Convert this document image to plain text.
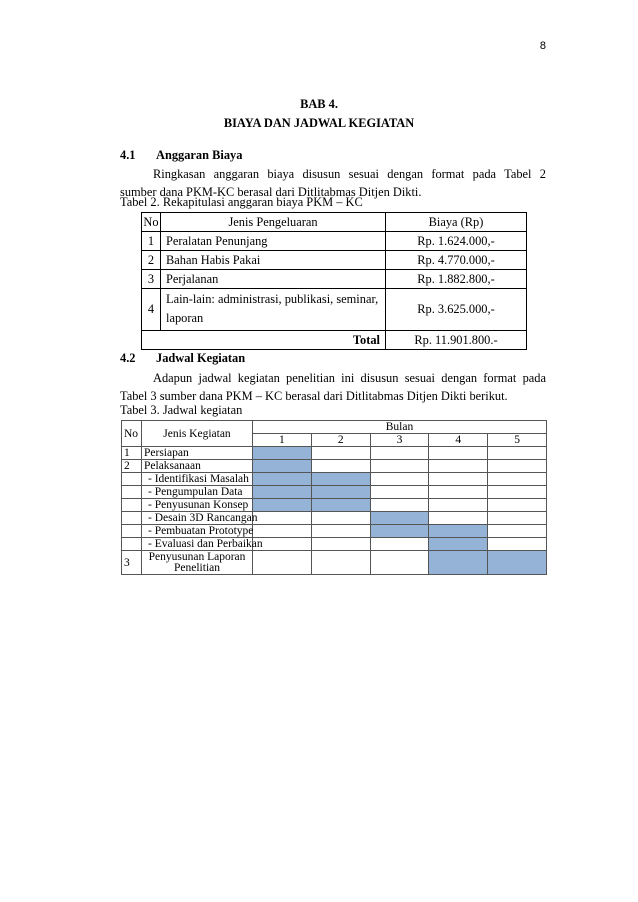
8
BAB 4.
BIAYA DAN JADWAL KEGIATAN
4.1 Anggaran Biaya
Ringkasan anggaran biaya disusun sesuai dengan format pada Tabel 2
sumber dana PKM-KC berasal dari Ditlitabmas Ditjen Dikti.
Tabel 2. Rekapitulasi anggaran biaya PKM – KC
No	Jenis Pengeluaran	Biaya (Rp)
1	Peralatan Penunjang	Rp. 1.624.000,-
2	Bahan Habis Pakai	Rp. 4.770.000,-
3	Perjalanan	Rp. 1.882.800,-
4	Lain-lain: administrasi, publikasi, seminar,
laporan	Rp. 3.625.000,-
Total		Rp. 11.901.800.-
4.2 Jadwal Kegiatan
Adapun jadwal kegiatan penelitian ini disusun sesuai dengan format pada
Tabel 3 sumber dana PKM – KC berasal dari Ditlitabmas Ditjen Dikti berikut.
Tabel 3. Jadwal kegiatan
No	Jenis Kegiatan	Bulan				
		1	2	3	4	5
1	Persiapan					
2	Pelaksanaan					
	- Identifikasi Masalah					
	- Pengumpulan Data					
	- Penyusunan Konsep					
	- Desain 3D Rancangan					
	- Pembuatan Prototype					
	- Evaluasi dan Perbaikan					
3	Penyusunan Laporan
Penelitian					
